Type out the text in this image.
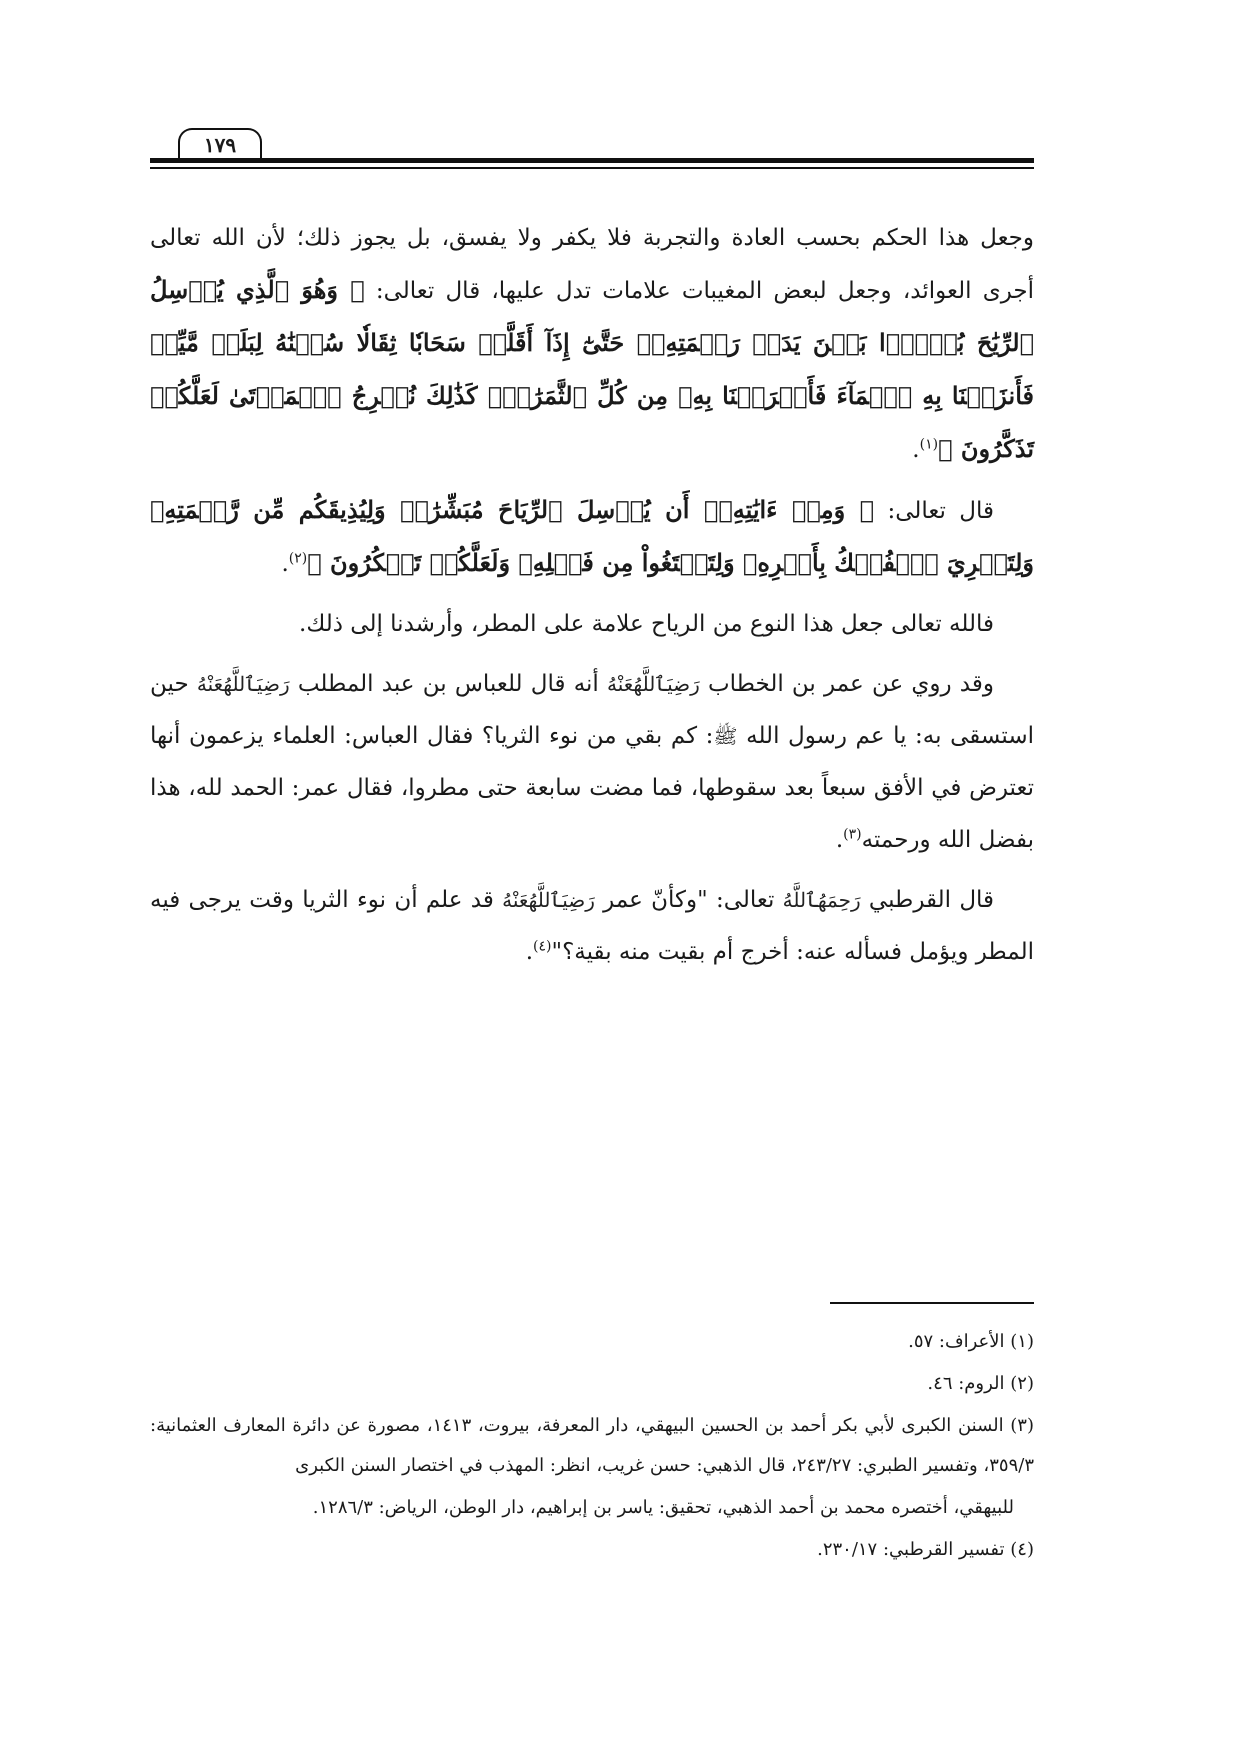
١٧٩

وجعل هذا الحكم بحسب العادة والتجربة فلا يكفر ولا يفسق، بل يجوز ذلك؛ لأن الله تعالى أجرى العوائد، وجعل لبعض المغيبات علامات تدل عليها، قال تعالى: ﴿ وَهُوَ ٱلَّذِي يُرۡسِلُ ٱلرِّيَٰحَ بُشۡرَۢا بَيۡنَ يَدَيۡ رَحۡمَتِهِۦۖ حَتَّىٰٓ إِذَآ أَقَلَّتۡ سَحَابٗا ثِقَالٗا سُقۡنَٰهُ لِبَلَدٖ مَّيِّتٖ فَأَنزَلۡنَا بِهِ ٱلۡمَآءَ فَأَخۡرَجۡنَا بِهِۦ مِن كُلِّ ٱلثَّمَرَٰتِۚ كَذَٰلِكَ نُخۡرِجُ ٱلۡمَوۡتَىٰ لَعَلَّكُمۡ تَذَكَّرُونَ ﴾$^{(١)}$.

قال تعالى: ﴿ وَمِنۡ ءَايَٰتِهِۦٓ أَن يُرۡسِلَ ٱلرِّيَاحَ مُبَشِّرَٰتٖ وَلِيُذِيقَكُم مِّن رَّحۡمَتِهِۦ وَلِتَجۡرِيَ ٱلۡفُلۡكُ بِأَمۡرِهِۦ وَلِتَبۡتَغُواْ مِن فَضۡلِهِۦ وَلَعَلَّكُمۡ تَشۡكُرُونَ ﴾$^{(٢)}$.

فالله تعالى جعل هذا النوع من الرياح علامة على المطر، وأرشدنا إلى ذلك.

وقد روي عن عمر بن الخطاب رَضِيَٱللَّهُعَنْهُ أنه قال للعباس بن عبد المطلب رَضِيَٱللَّهُعَنْهُ حين استسقى به: يا عم رسول الله ﷺ: كم بقي من نوء الثريا؟ فقال العباس: العلماء يزعمون أنها تعترض في الأفق سبعاً بعد سقوطها، فما مضت سابعة حتى مطروا، فقال عمر: الحمد لله، هذا بفضل الله ورحمته$^{(٣)}$.

قال القرطبي رَحِمَهُٱللَّهُ تعالى: "وكأنّ عمر رَضِيَٱللَّهُعَنْهُ قد علم أن نوء الثريا وقت يرجى فيه المطر ويؤمل فسأله عنه: أخرج أم بقيت منه بقية؟"$^{(٤)}$.

(١) الأعراف: ٥٧.

(٢) الروم: ٤٦.

(٣) السنن الكبرى لأبي بكر أحمد بن الحسين البيهقي، دار المعرفة، بيروت، ١٤١٣، مصورة عن دائرة المعارف العثمانية: ٣٥٩/٣، وتفسير الطبري: ٢٤٣/٢٧، قال الذهبي: حسن غريب، انظر: المهذب في اختصار السنن الكبرى

للبيهقي، أختصره محمد بن أحمد الذهبي، تحقيق: ياسر بن إبراهيم، دار الوطن، الرياض: ١٢٨٦/٣.

(٤) تفسير القرطبي: ٢٣٠/١٧.
